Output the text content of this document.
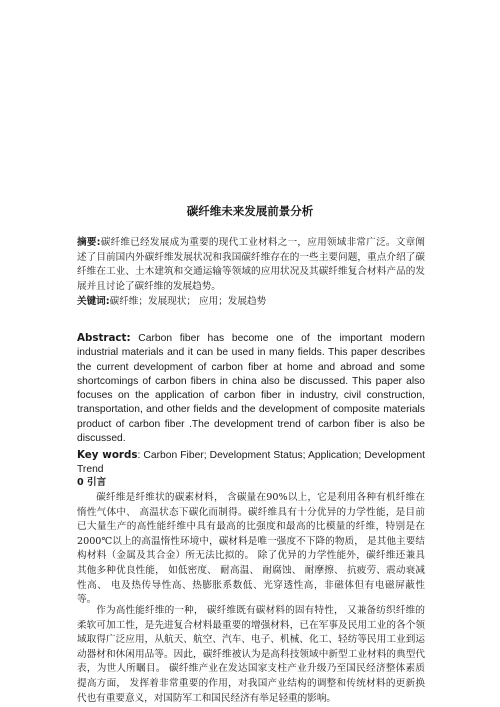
碳纤维未来发展前景分析
摘要:碳纤维已经发展成为重要的现代工业材料之一，应用领域非常广泛。文章阐述了目前国内外碳纤维发展状况和我国碳纤维存在的一些主要问题，重点介绍了碳纤维在工业、土木建筑和交通运输等领域的应用状况及其碳纤维复合材料产品的发展并且讨论了碳纤维的发展趋势。
关键词:碳纤维；发展现状； 应用；发展趋势
Abstract: Carbon fiber has become one of the important modern industrial materials and it can be used in many fields. This paper describes the current development of carbon fiber at home and abroad and some shortcomings of carbon fibers in china also be discussed. This paper also focuses on the application of carbon fiber in industry, civil construction, transportation, and other fields and the development of composite materials product of carbon fiber .The development trend of carbon fiber is also be discussed.
Key words: Carbon Fiber; Development Status; Application; Development Trend
0 引言
碳纤维是纤维状的碳素材料， 含碳量在90%以上，它是利用各种有机纤维在惰性气体中、 高温状态下碳化而制得。碳纤维具有十分优异的力学性能，是目前已大量生产的高性能纤维中具有最高的比强度和最高的比模量的纤维，特别是在2000℃以上的高温惰性环境中，碳材料是唯一强度不下降的物质， 是其他主要结构材料（金属及其合金）所无法比拟的。 除了优异的力学性能外，碳纤维还兼具其他多种优良性能， 如低密度、 耐高温、 耐腐蚀、 耐摩擦、 抗疲劳、震动衰减性高、 电及热传导性高、热膨胀系数低、光穿透性高，非磁体但有电磁屏蔽性等。
作为高性能纤维的一种， 碳纤维既有碳材料的固有特性， 又兼备纺织纤维的柔软可加工性，是先进复合材料最重要的增强材料，已在军事及民用工业的各个领域取得广泛应用，从航天、航空、汽车、电子、机械、化工、轻纺等民用工业到运动器材和休闲用品等。因此，碳纤维被认为是高科技领域中新型工业材料的典型代表，为世人所瞩目。 碳纤维产业在发达国家支柱产业升级乃至国民经济整体素质提高方面， 发挥着非常重要的作用，对我国产业结构的调整和传统材料的更新换代也有重要意义，对国防军工和国民经济有举足轻重的影响。
